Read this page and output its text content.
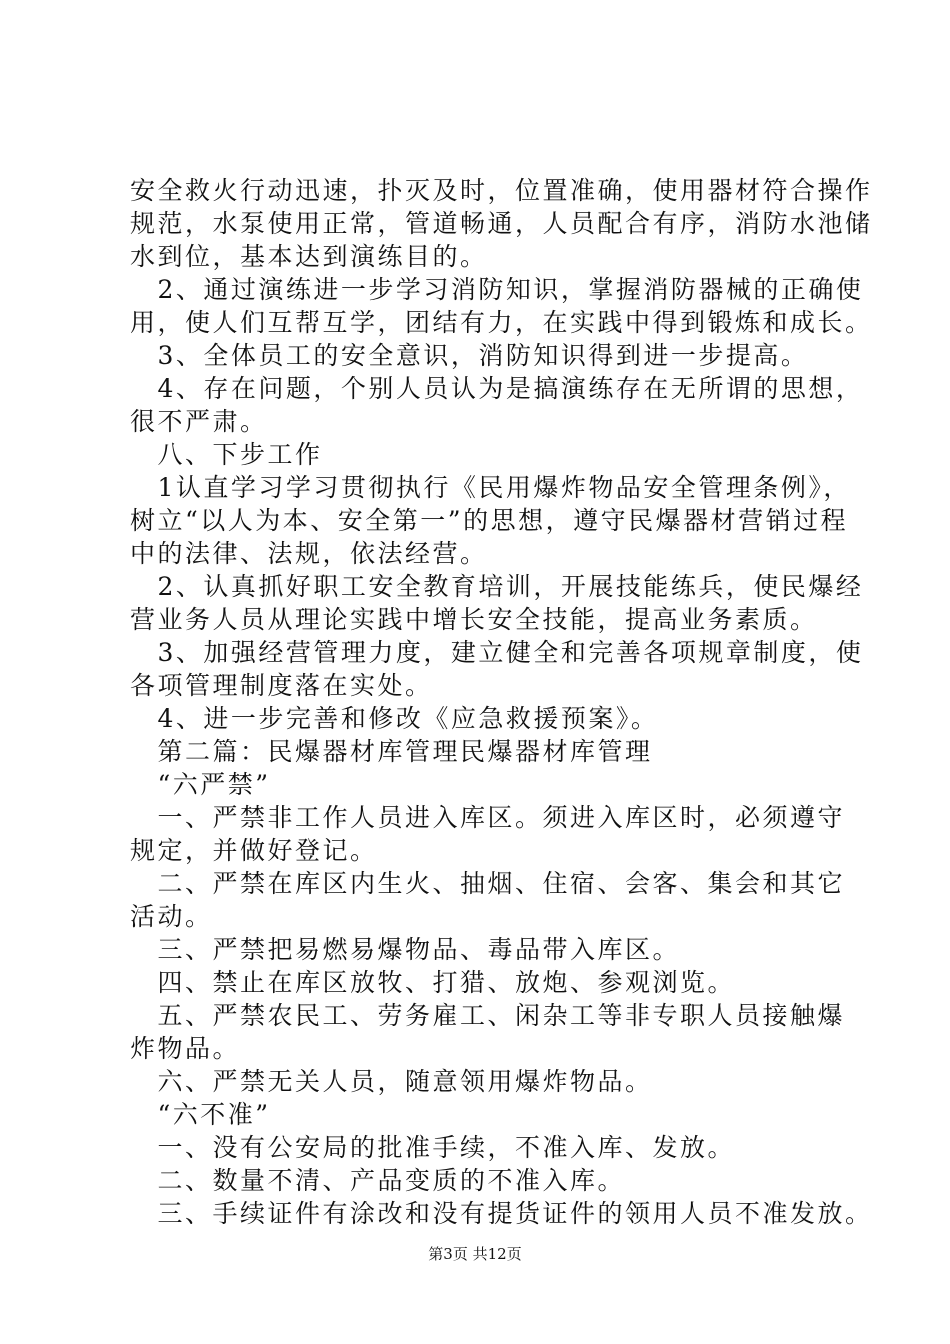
安全救火行动迅速，扑灭及时，位置准确，使用器材符合操作

规范，水泵使用正常，管道畅通，人员配合有序，消防水池储

水到位，基本达到演练目的。

　2、通过演练进一步学习消防知识，掌握消防器械的正确使

用，使人们互帮互学，团结有力，在实践中得到锻炼和成长。

　3、全体员工的安全意识，消防知识得到进一步提高。

　4、存在问题，个别人员认为是搞演练存在无所谓的思想，

很不严肃。

　八、下步工作

　1认直学习学习贯彻执行《民用爆炸物品安全管理条例》，

树立“以人为本、安全第一”的思想，遵守民爆器材营销过程

中的法律、法规，依法经营。

　2、认真抓好职工安全教育培训，开展技能练兵，使民爆经

营业务人员从理论实践中增长安全技能，提高业务素质。

　3、加强经营管理力度，建立健全和完善各项规章制度，使

各项管理制度落在实处。

　4、进一步完善和修改《应急救援预案》。

　第二篇：民爆器材库管理民爆器材库管理

　“六严禁”

　一、严禁非工作人员进入库区。须进入库区时，必须遵守

规定，并做好登记。

　二、严禁在库区内生火、抽烟、住宿、会客、集会和其它

活动。

　三、严禁把易燃易爆物品、毒品带入库区。

　四、禁止在库区放牧、打猎、放炮、参观浏览。

　五、严禁农民工、劳务雇工、闲杂工等非专职人员接触爆

炸物品。

　六、严禁无关人员，随意领用爆炸物品。

　“六不准”

　一、没有公安局的批准手续，不准入库、发放。

　二、数量不清、产品变质的不准入库。

　三、手续证件有涂改和没有提货证件的领用人员不准发放。

第3页 共12页
